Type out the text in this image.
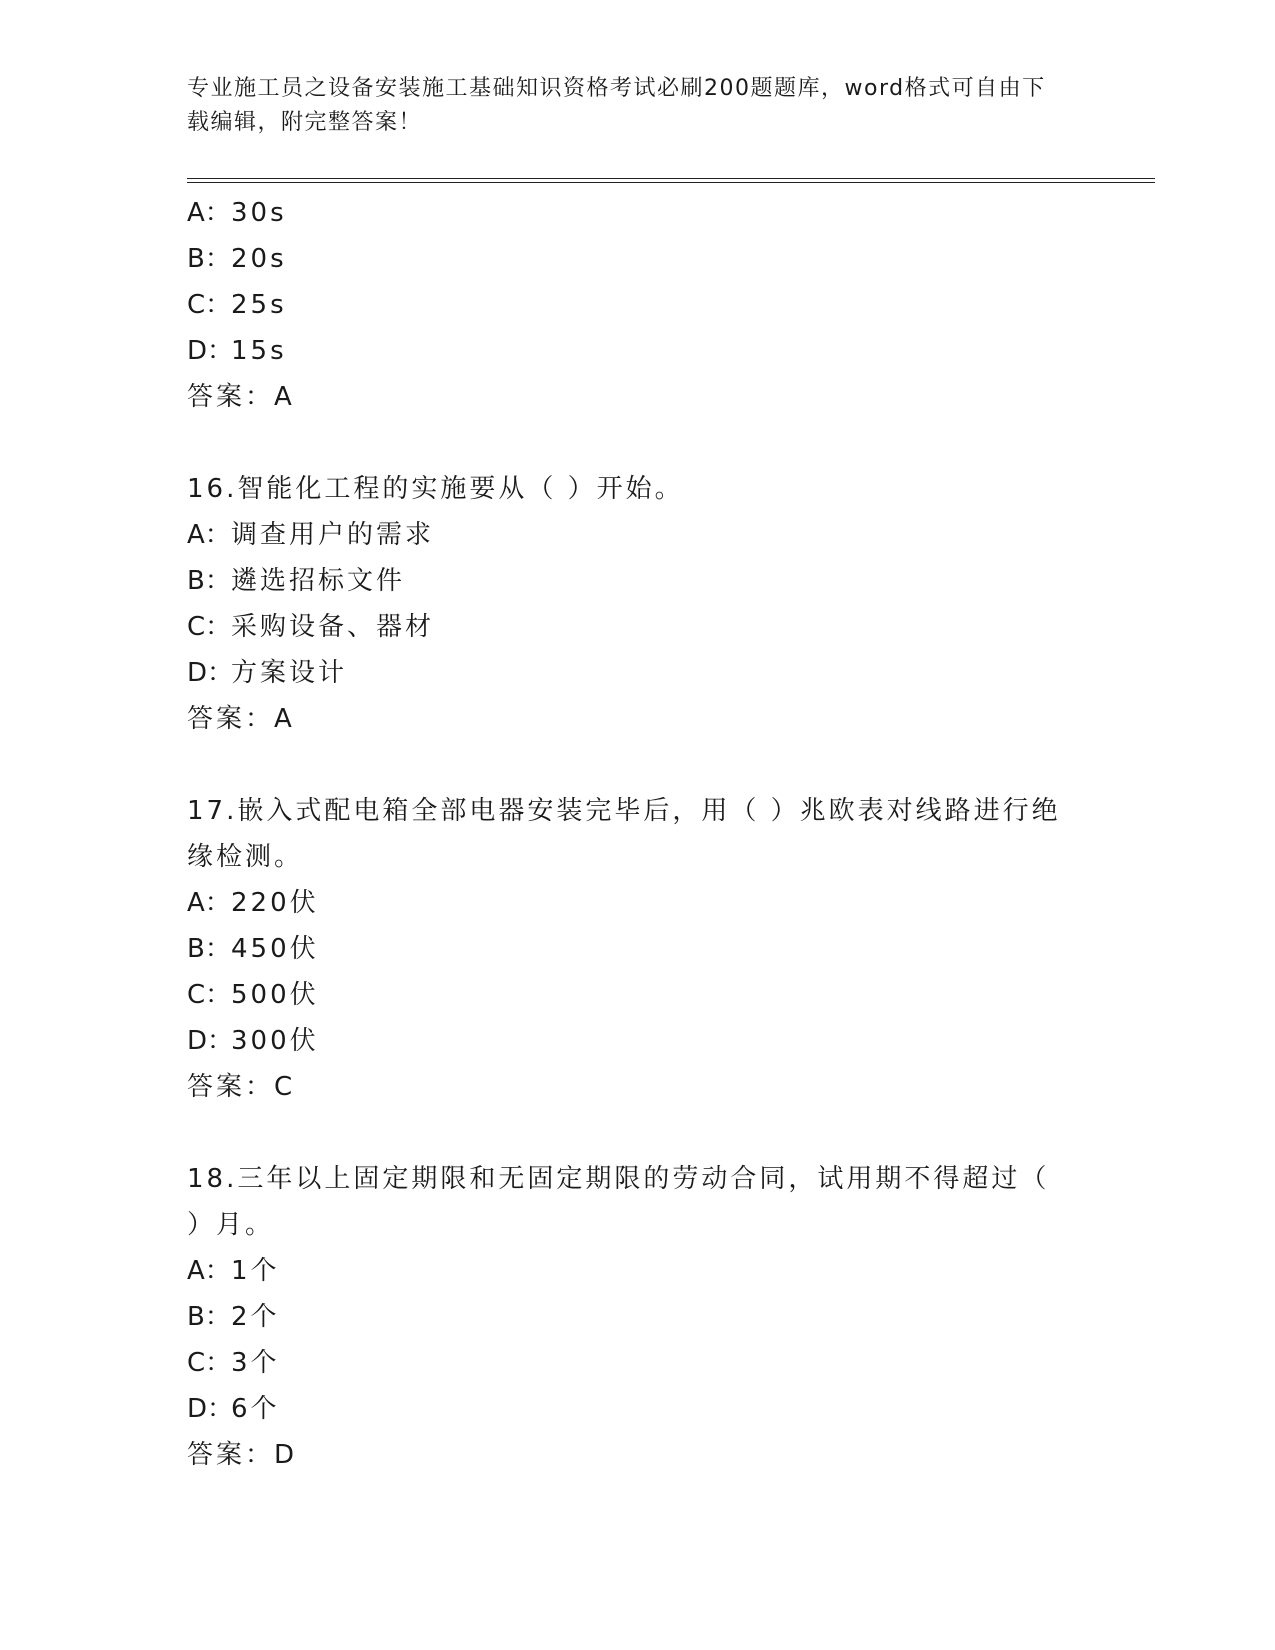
专业施工员之设备安装施工基础知识资格考试必刷200题题库，word格式可自由下载编辑，附完整答案！
A：30s
B：20s
C：25s
D：15s
答案：A
16.智能化工程的实施要从（ ）开始。
A：调查用户的需求
B：遴选招标文件
C：采购设备、器材
D：方案设计
答案：A
17.嵌入式配电箱全部电器安装完毕后，用（ ）兆欧表对线路进行绝缘检测。
A：220伏
B：450伏
C：500伏
D：300伏
答案：C
18.三年以上固定期限和无固定期限的劳动合同，试用期不得超过（ ）月。
A：1个
B：2个
C：3个
D：6个
答案：D
